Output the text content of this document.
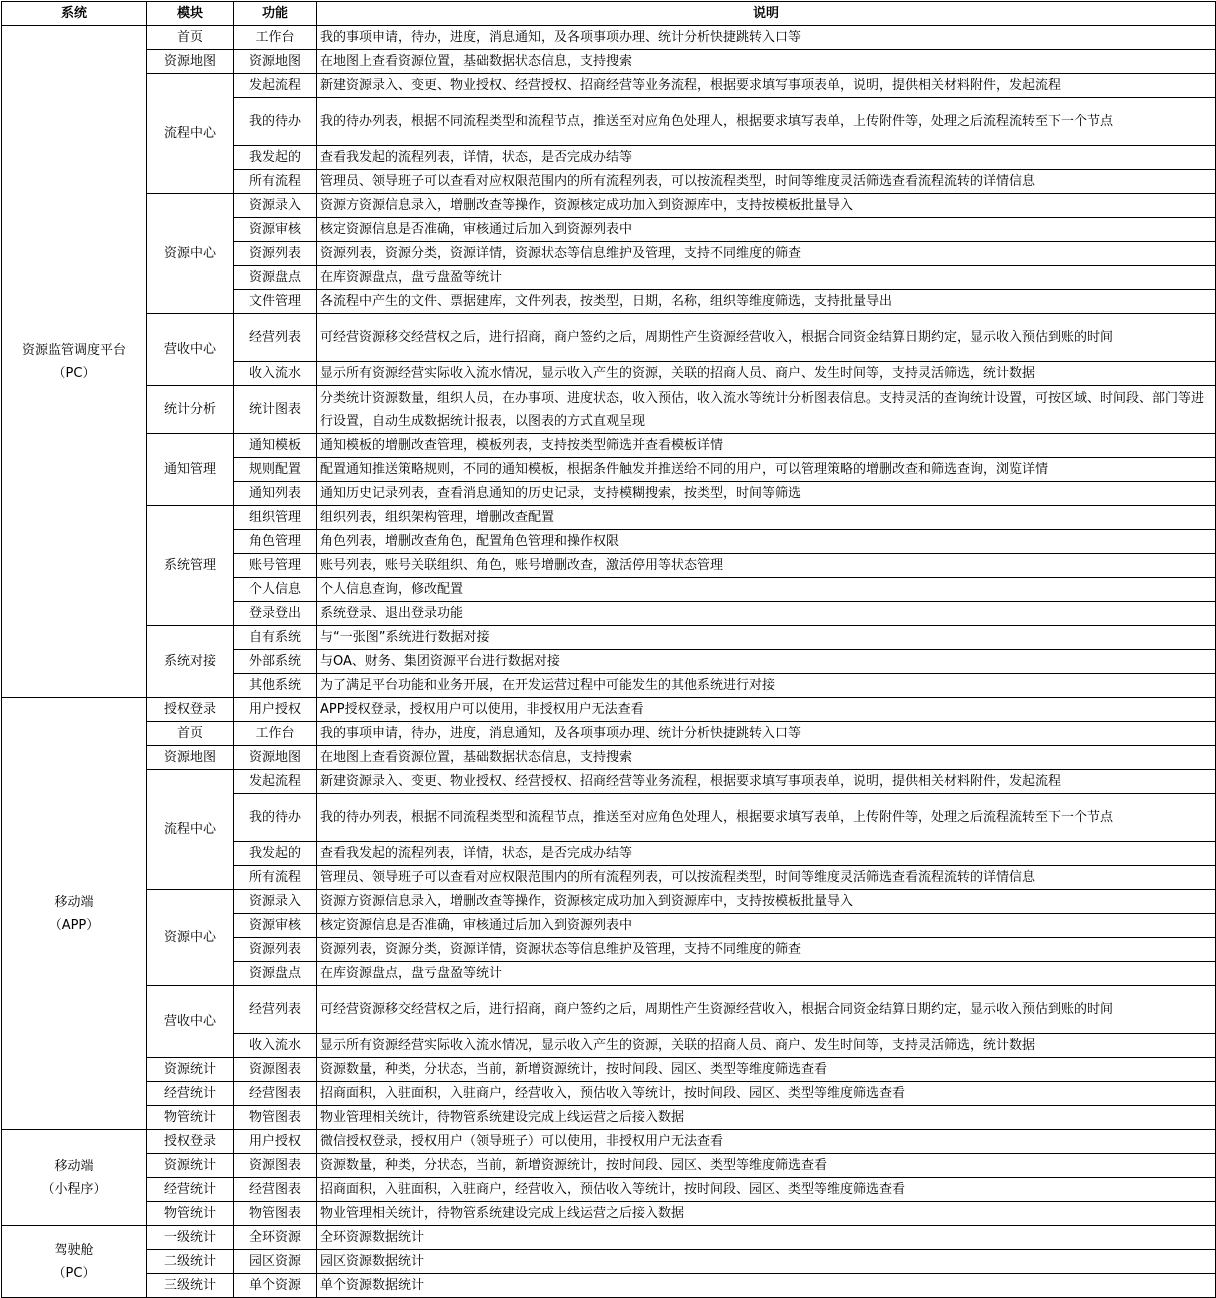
系统	模块	功能	说明
资源监管调度平台
（PC）	首页	工作台	我的事项申请，待办，进度，消息通知，及各项事项办理、统计分析快捷跳转入口等
	资源地图	资源地图	在地图上查看资源位置，基础数据状态信息，支持搜索
	流程中心	发起流程	新建资源录入、变更、物业授权、经营授权、招商经营等业务流程，根据要求填写事项表单，说明，提供相关材料附件，发起流程
		我的待办	我的待办列表，根据不同流程类型和流程节点，推送至对应角色处理人，根据要求填写表单，上传附件等，处理之后流程流转至下一个节点
		我发起的	查看我发起的流程列表，详情，状态，是否完成办结等
		所有流程	管理员、领导班子可以查看对应权限范围内的所有流程列表，可以按流程类型，时间等维度灵活筛选查看流程流转的详情信息
	资源中心	资源录入	资源方资源信息录入，增删改查等操作，资源核定成功加入到资源库中，支持按模板批量导入
		资源审核	核定资源信息是否准确，审核通过后加入到资源列表中
		资源列表	资源列表，资源分类，资源详情，资源状态等信息维护及管理，支持不同维度的筛查
		资源盘点	在库资源盘点，盘亏盘盈等统计
		文件管理	各流程中产生的文件、票据建库，文件列表，按类型，日期，名称，组织等维度筛选，支持批量导出
	营收中心	经营列表	可经营资源移交经营权之后，进行招商，商户签约之后，周期性产生资源经营收入，根据合同资金结算日期约定，显示收入预估到账的时间
		收入流水	显示所有资源经营实际收入流水情况，显示收入产生的资源，关联的招商人员、商户、发生时间等，支持灵活筛选，统计数据
	统计分析	统计图表	分类统计资源数量，组织人员，在办事项、进度状态，收入预估，收入流水等统计分析图表信息。支持灵活的查询统计设置，可按区域、时间段、部门等进行设置，自动生成数据统计报表，以图表的方式直观呈现
	通知管理	通知模板	通知模板的增删改查管理，模板列表，支持按类型筛选并查看模板详情
		规则配置	配置通知推送策略规则，不同的通知模板，根据条件触发并推送给不同的用户，可以管理策略的增删改查和筛选查询，浏览详情
		通知列表	通知历史记录列表，查看消息通知的历史记录，支持模糊搜索，按类型，时间等筛选
	系统管理	组织管理	组织列表，组织架构管理，增删改查配置
		角色管理	角色列表，增删改查角色，配置角色管理和操作权限
		账号管理	账号列表，账号关联组织、角色，账号增删改查，激活停用等状态管理
		个人信息	个人信息查询，修改配置
		登录登出	系统登录、退出登录功能
	系统对接	自有系统	与“一张图”系统进行数据对接
		外部系统	与OA、财务、集团资源平台进行数据对接
		其他系统	为了满足平台功能和业务开展，在开发运营过程中可能发生的其他系统进行对接
移动端
（APP）	授权登录	用户授权	APP授权登录，授权用户可以使用，非授权用户无法查看
	首页	工作台	我的事项申请，待办，进度，消息通知，及各项事项办理、统计分析快捷跳转入口等
	资源地图	资源地图	在地图上查看资源位置，基础数据状态信息，支持搜索
	流程中心	发起流程	新建资源录入、变更、物业授权、经营授权、招商经营等业务流程，根据要求填写事项表单，说明，提供相关材料附件，发起流程
		我的待办	我的待办列表，根据不同流程类型和流程节点，推送至对应角色处理人，根据要求填写表单，上传附件等，处理之后流程流转至下一个节点
		我发起的	查看我发起的流程列表，详情，状态，是否完成办结等
		所有流程	管理员、领导班子可以查看对应权限范围内的所有流程列表，可以按流程类型，时间等维度灵活筛选查看流程流转的详情信息
	资源中心	资源录入	资源方资源信息录入，增删改查等操作，资源核定成功加入到资源库中，支持按模板批量导入
		资源审核	核定资源信息是否准确，审核通过后加入到资源列表中
		资源列表	资源列表，资源分类，资源详情，资源状态等信息维护及管理，支持不同维度的筛查
		资源盘点	在库资源盘点，盘亏盘盈等统计
	营收中心	经营列表	可经营资源移交经营权之后，进行招商，商户签约之后，周期性产生资源经营收入，根据合同资金结算日期约定，显示收入预估到账的时间
		收入流水	显示所有资源经营实际收入流水情况，显示收入产生的资源，关联的招商人员、商户、发生时间等，支持灵活筛选，统计数据
	资源统计	资源图表	资源数量，种类，分状态，当前，新增资源统计，按时间段、园区、类型等维度筛选查看
	经营统计	经营图表	招商面积，入驻面积，入驻商户，经营收入，预估收入等统计，按时间段、园区、类型等维度筛选查看
	物管统计	物管图表	物业管理相关统计，待物管系统建设完成上线运营之后接入数据
移动端
（小程序）	授权登录	用户授权	微信授权登录，授权用户（领导班子）可以使用，非授权用户无法查看
	资源统计	资源图表	资源数量，种类，分状态，当前，新增资源统计，按时间段、园区、类型等维度筛选查看
	经营统计	经营图表	招商面积，入驻面积，入驻商户，经营收入，预估收入等统计，按时间段、园区、类型等维度筛选查看
	物管统计	物管图表	物业管理相关统计，待物管系统建设完成上线运营之后接入数据
驾驶舱
（PC）	一级统计	全环资源	全环资源数据统计
	二级统计	园区资源	园区资源数据统计
	三级统计	单个资源	单个资源数据统计
